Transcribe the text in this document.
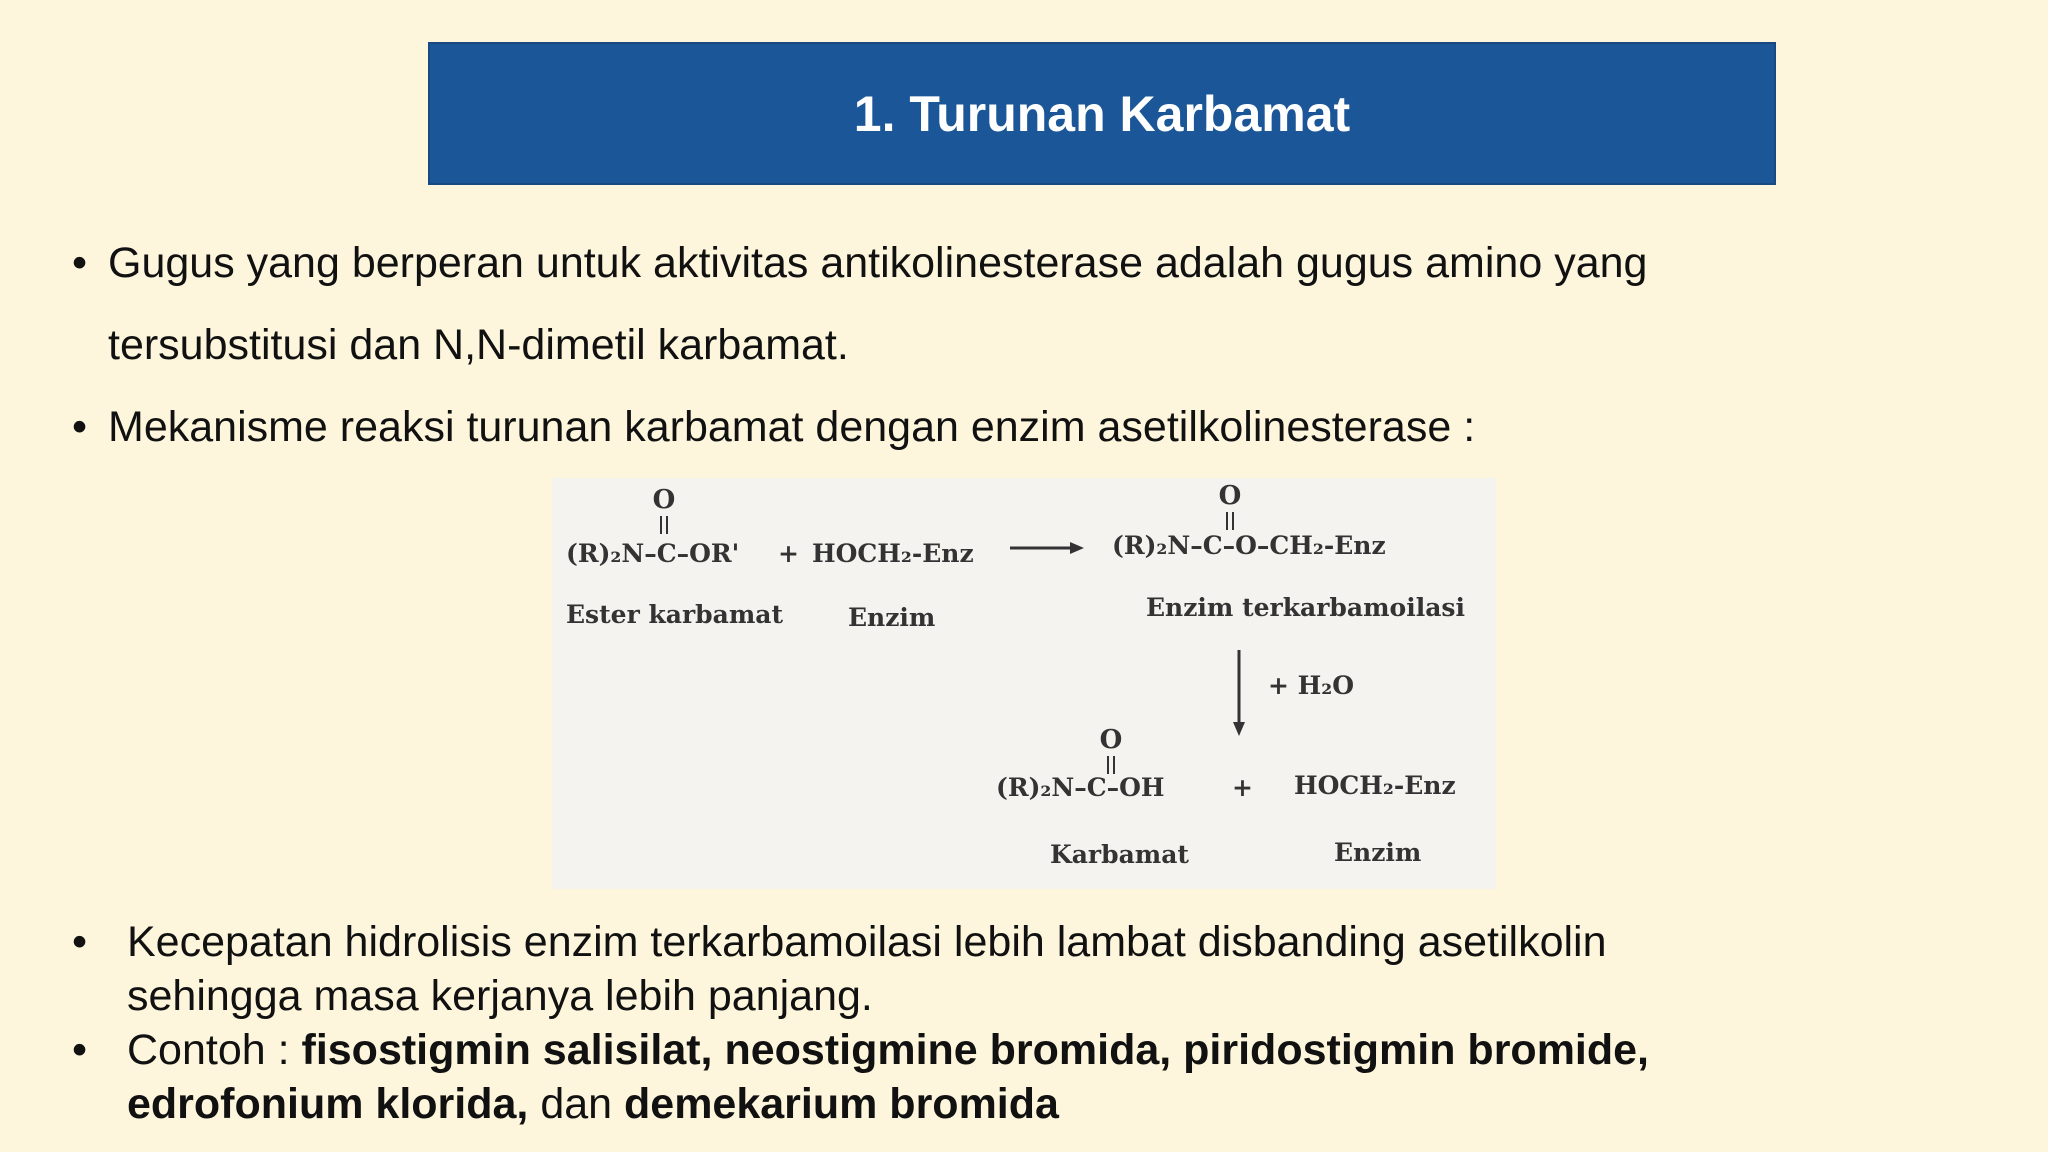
1. Turunan Karbamat
• Gugus yang berperan untuk aktivitas antikolinesterase adalah gugus amino yang
tersubstitusi dan N,N-dimetil karbamat.
• Mekanisme reaksi turunan karbamat dengan enzim asetilkolinesterase :
O
(R)₂N–C–OR' + HOCH₂-Enz
Ester karbamat	Enzim
O
(R)₂N–C–O–CH₂-Enz
Enzim terkarbamoilasi
+ H₂O
O
(R)₂N–C–OH	+ HOCH₂-Enz
Karbamat	Enzim
• Kecepatan hidrolisis enzim terkarbamoilasi lebih lambat disbanding asetilkolin
sehingga masa kerjanya lebih panjang.
• Contoh : fisostigmin salisilat, neostigmine bromida, piridostigmin bromide,
edrofonium klorida, dan demekarium bromida
